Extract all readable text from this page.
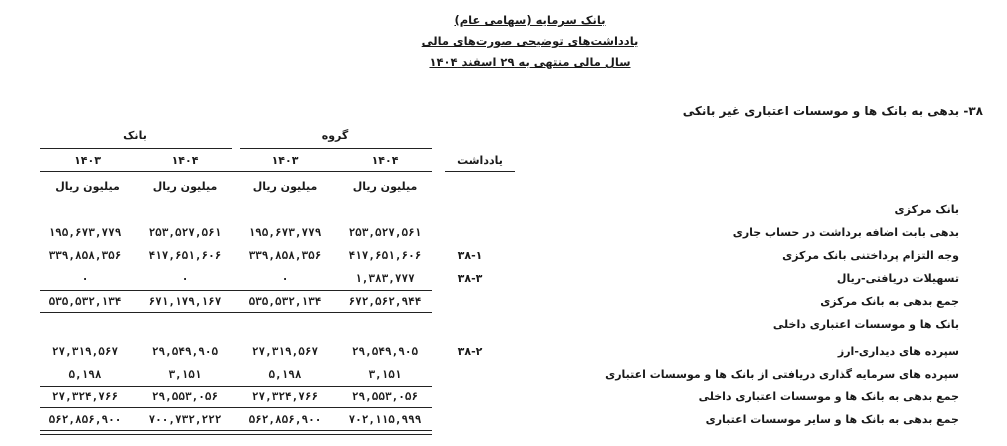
بانک سرمایه (سهامی عام)
یادداشت‌های توضیحی صورت‌های مالی
سال مالی منتهی به ۲۹ اسفند ۱۴۰۴
۳۸- بدهی به بانک ها و موسسات اعتباری غیر بانکی
گروه
بانک
۱۴۰۴
۱۴۰۳
۱۴۰۴
۱۴۰۳	یادداشت
میلیون ریال
میلیون ریال
میلیون ریال
میلیون ریال
بانک مرکزی
بدهی بابت اضافه برداشت در حساب جاری
۲۵۳,۵۲۷,۵۶۱
۱۹۵,۶۷۳,۷۷۹
۲۵۳,۵۲۷,۵۶۱
۱۹۵,۶۷۳,۷۷۹
وجه التزام پرداختنی بانک مرکزی
۳۸-۱
۴۱۷,۶۵۱,۶۰۶
۳۳۹,۸۵۸,۳۵۶
۴۱۷,۶۵۱,۶۰۶
۳۳۹,۸۵۸,۳۵۶
تسهیلات دریافتی-ریال
۳۸-۳
۱,۳۸۳,۷۷۷
۰
۰
۰
جمع بدهی به بانک مرکزی
۶۷۲,۵۶۲,۹۴۴
۵۳۵,۵۳۲,۱۳۴
۶۷۱,۱۷۹,۱۶۷
۵۳۵,۵۳۲,۱۳۴
بانک ها و موسسات اعتباری داخلی
سپرده های دیداری-ارز
۳۸-۲
۲۹,۵۴۹,۹۰۵
۲۷,۳۱۹,۵۶۷
۲۹,۵۴۹,۹۰۵
۲۷,۳۱۹,۵۶۷
سپرده های سرمایه گذاری دریافتی از بانک ها و موسسات اعتباری
۳,۱۵۱
۵,۱۹۸
۳,۱۵۱
۵,۱۹۸
جمع بدهی به بانک ها و موسسات اعتباری داخلی
۲۹,۵۵۳,۰۵۶
۲۷,۳۲۴,۷۶۶
۲۹,۵۵۳,۰۵۶
۲۷,۳۲۴,۷۶۶
جمع بدهی به بانک ها و سایر موسسات اعتباری
۷۰۲,۱۱۵,۹۹۹
۵۶۲,۸۵۶,۹۰۰
۷۰۰,۷۳۲,۲۲۲
۵۶۲,۸۵۶,۹۰۰
